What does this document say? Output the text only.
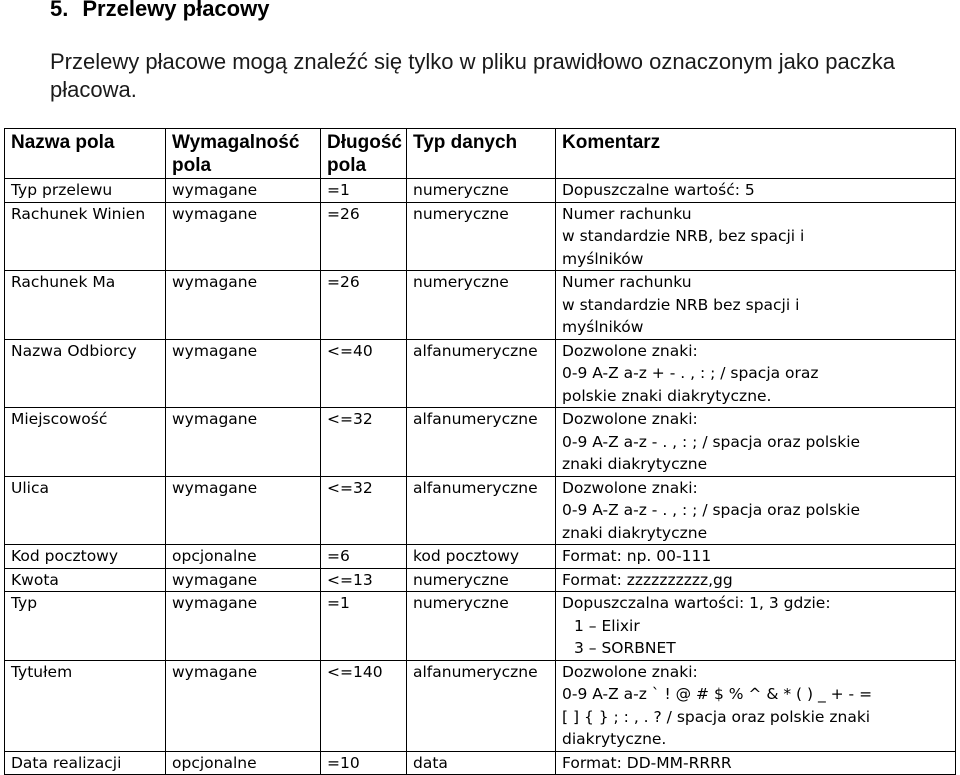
5. Przelewy płacowy

Przelewy płacowe mogą znaleźć się tylko w pliku prawidłowo oznaczonym jako paczka płacowa.

Nazwa pola	Wymagalność pola	Długość pola	Typ danych	Komentarz
Typ przelewu	wymagane	=1	numeryczne	Dopuszczalne wartość: 5

Rachunek Winien	wymagane	=26	numeryczne	Numer rachunku
w standardzie NRB, bez spacji i
myślników

Rachunek Ma	wymagane	=26	numeryczne	Numer rachunku
w standardzie NRB bez spacji i
myślników

Nazwa Odbiorcy	wymagane	<=40	alfanumeryczne	Dozwolone znaki:
0-9 A-Z a-z + - . , : ; / spacja oraz
polskie znaki diakrytyczne.

Miejscowość	wymagane	<=32	alfanumeryczne	Dozwolone znaki:
0-9 A-Z a-z - . , : ; / spacja oraz polskie
znaki diakrytyczne

Ulica	wymagane	<=32	alfanumeryczne	Dozwolone znaki:
0-9 A-Z a-z - . , : ; / spacja oraz polskie
znaki diakrytyczne

Kod pocztowy	opcjonalne	=6	kod pocztowy	Format: np. 00-111

Kwota	wymagane	<=13	numeryczne	Format: zzzzzzzzzz,gg

Typ	wymagane	=1	numeryczne	Dopuszczalna wartości: 1, 3 gdzie:
1 – Elixir
3 – SORBNET

Tytułem	wymagane	<=140	alfanumeryczne	Dozwolone znaki:
0-9 A-Z a-z ` ! @ # $ % ^ & * ( ) _ + - =
[ ] { } ; : , . ? / spacja oraz polskie znaki
diakrytyczne.

Data realizacji	opcjonalne	=10	data	Format: DD-MM-RRRR
